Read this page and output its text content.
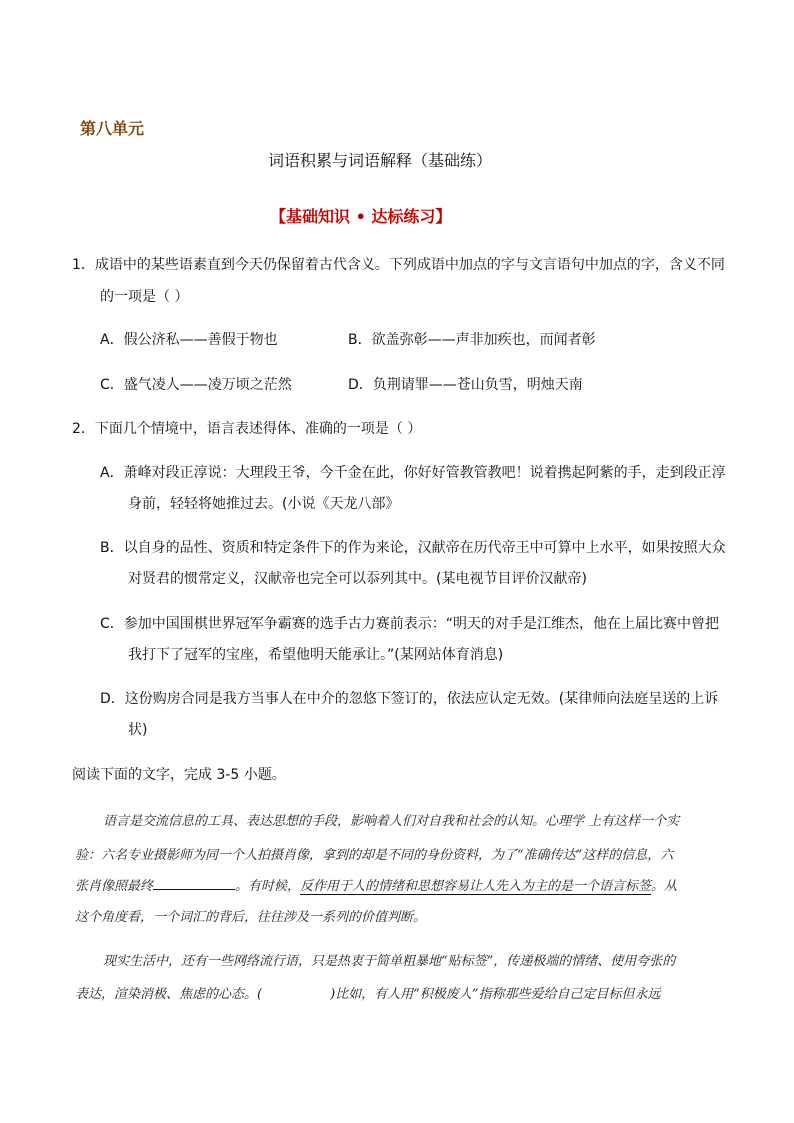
第八单元
词语积累与词语解释（基础练）
【基础知识 • 达标练习】
1．成语中的某些语素直到今天仍保留着古代含义。下列成语中加点的字与文言语句中加点的字，含义不同
的一项是（ ）
A．假公济私——善假于物也	B．欲盖弥彰——声非加疾也，而闻者彰
C．盛气凌人——凌万顷之茫然	D．负荆请罪——苍山负雪，明烛天南
2．下面几个情境中，语言表述得体、准确的一项是（ ）
A．萧峰对段正淳说：大理段王爷，今千金在此，你好好管教管教吧！说着携起阿紫的手，走到段正淳
身前，轻轻将她推过去。(小说《天龙八部》
B．以自身的品性、资质和特定条件下的作为来论，汉献帝在历代帝王中可算中上水平，如果按照大众
对贤君的惯常定义，汉献帝也完全可以忝列其中。(某电视节目评价汉献帝)
C．参加中国围棋世界冠军争霸赛的选手古力赛前表示：“明天的对手是江维杰，他在上届比赛中曾把
我打下了冠军的宝座，希望他明天能承让。”(某网站体育消息)
D．这份购房合同是我方当事人在中介的忽悠下签订的，依法应认定无效。(某律师向法庭呈送的上诉
状)
阅读下面的文字，完成 3-5 小题。
语言是交流信息的工具、表达思想的手段，影响着人们对自我和社会的认知。心理学 上有这样一个实
验：六名专业摄影师为同一个人拍摄肖像，拿到的却是不同的身份资料，为了“准确传达”这样的信息，六
张肖像照最终	。有时候，反作用于人的情绪和思想容易让人先入为主的是一个语言标签。从
这个角度看，一个词汇的背后，往往涉及一系列的价值判断。
现实生活中，还有一些网络流行语，只是热衷于简单粗暴地“贴标签”，传递极端的情绪、使用夸张的
表达，渲染消极、焦虑的心态。(	)比如，有人用“积极废人”指称那些爱给自己定目标但永远
